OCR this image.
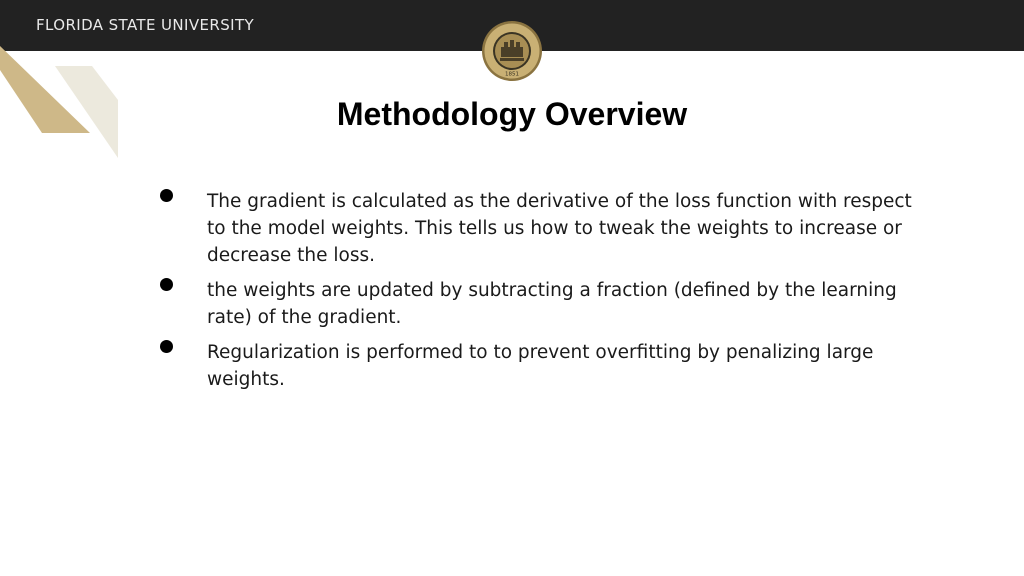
FLORIDA STATE UNIVERSITY
1851
Methodology Overview
The gradient is calculated as the derivative of the loss function with respect to the model weights. This tells us how to tweak the weights to increase or decrease the loss.
the weights are updated by subtracting a fraction (defined by the learning rate) of the gradient.
Regularization is performed to to prevent overfitting by penalizing large weights.
